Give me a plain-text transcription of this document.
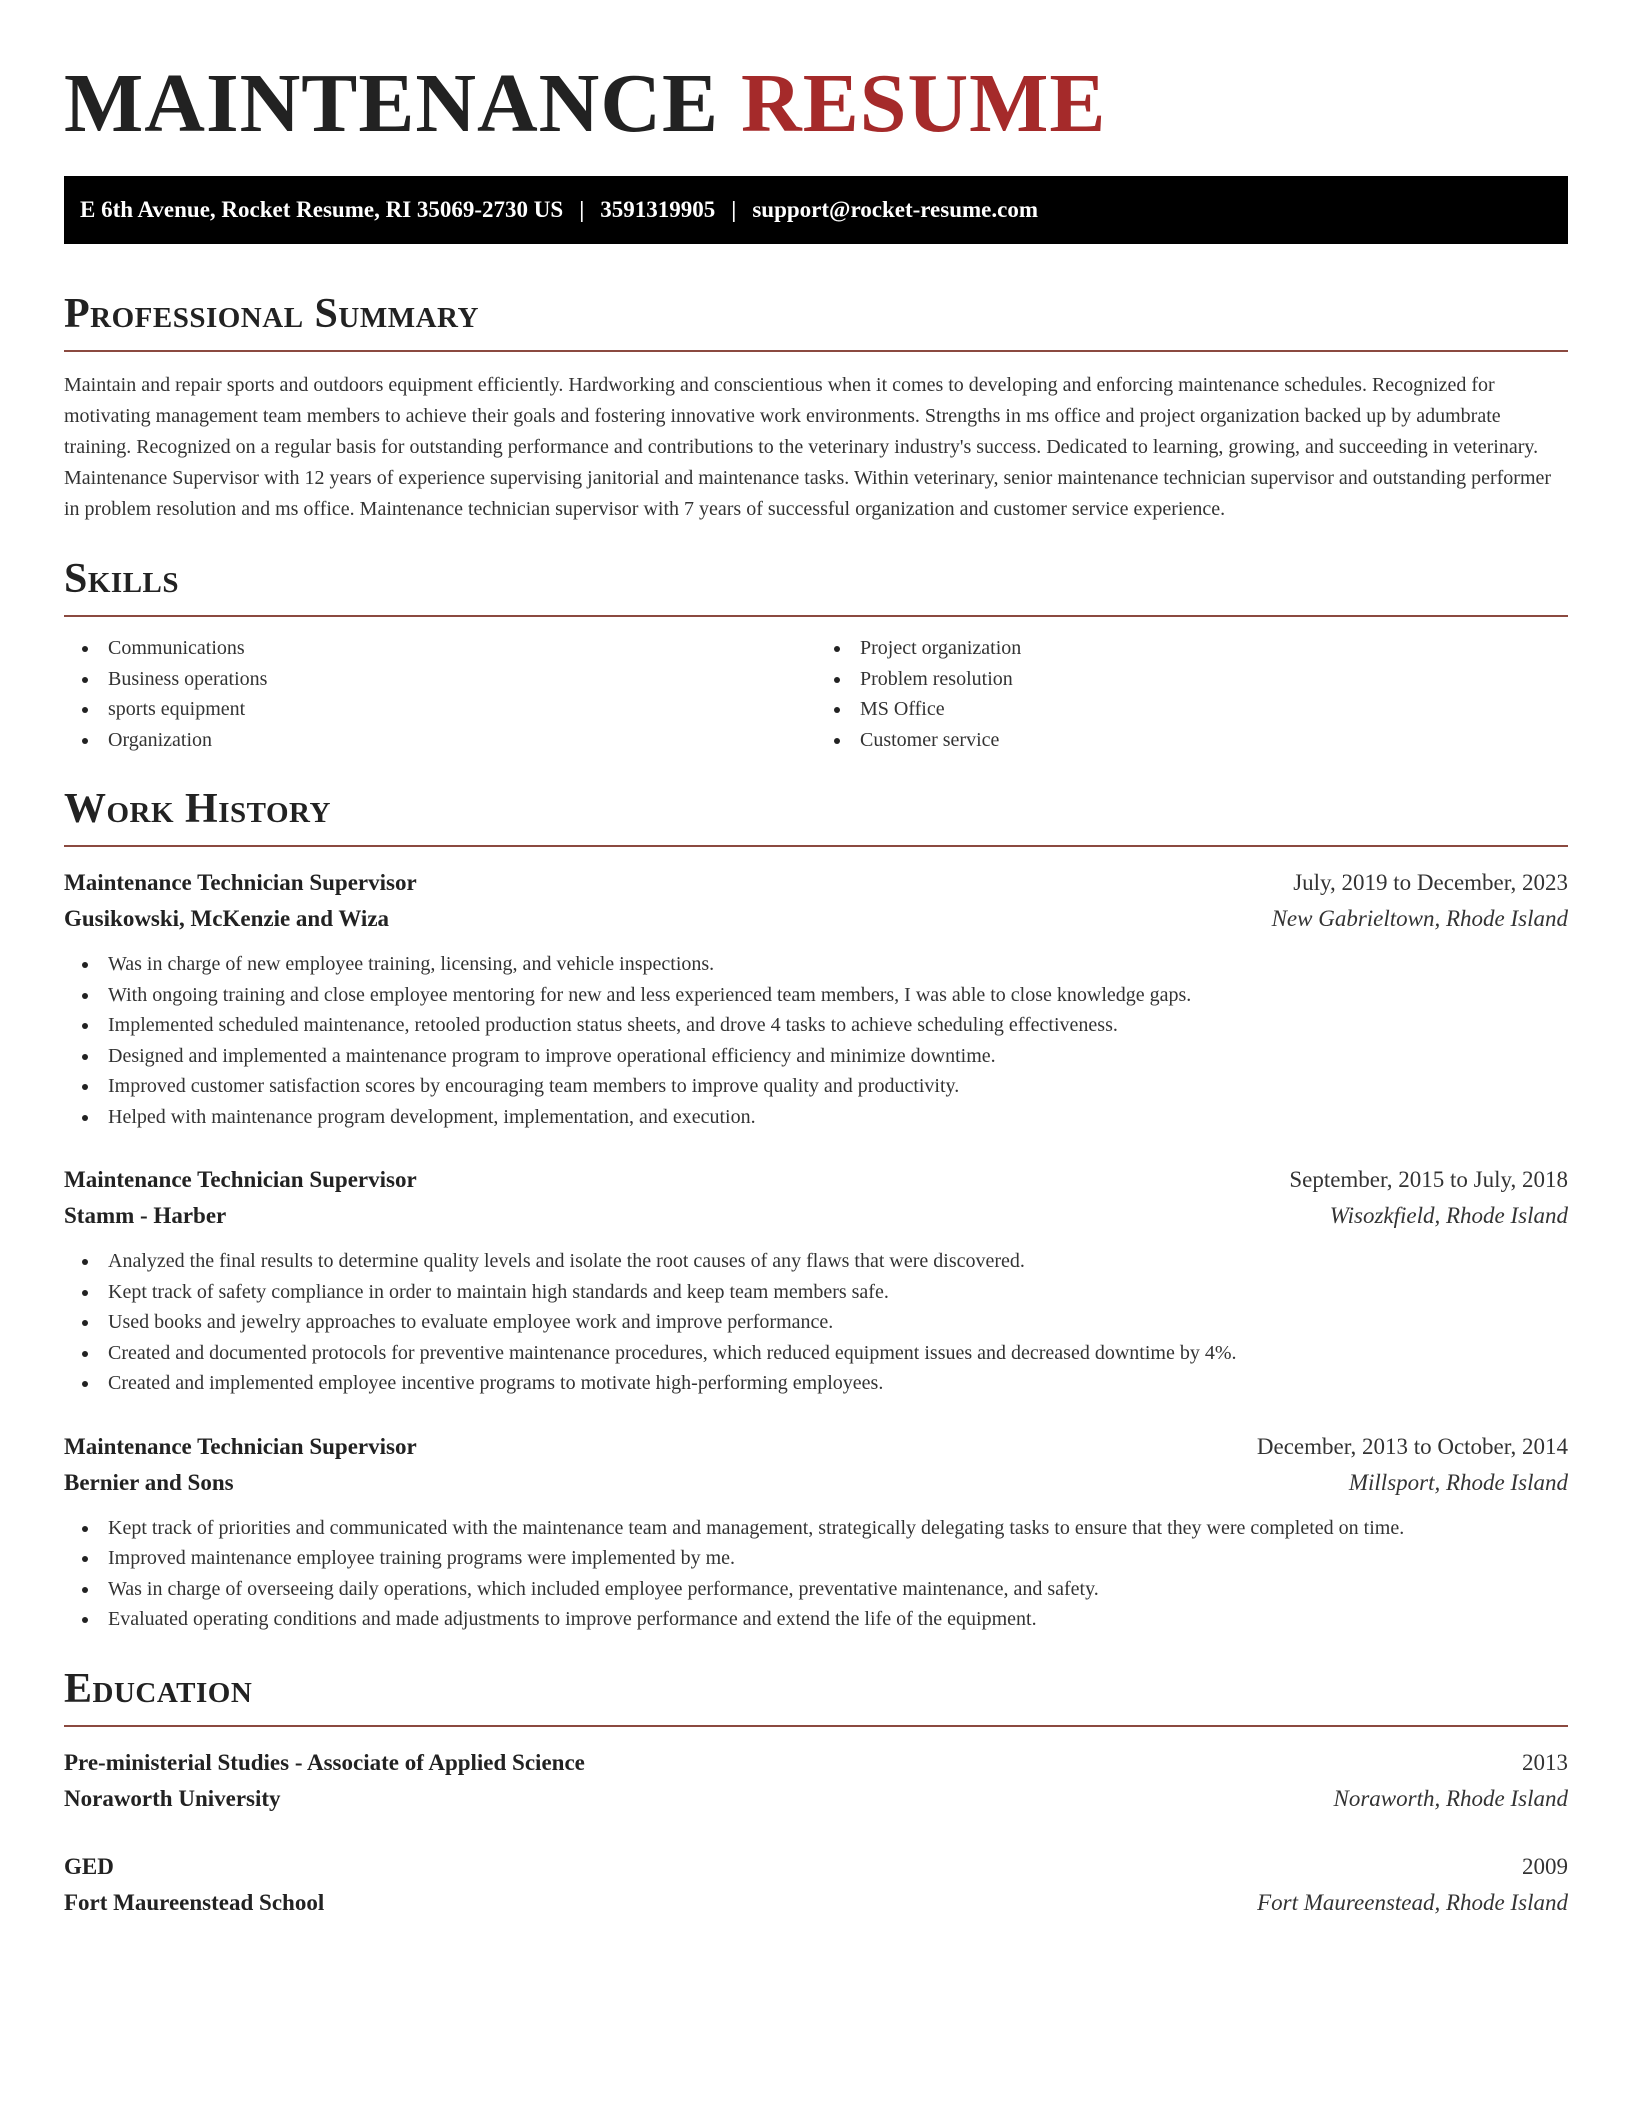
MAINTENANCE RESUME
E 6th Avenue, Rocket Resume, RI 35069-2730 US | 3591319905 | support@rocket-resume.com
Professional Summary

Maintain and repair sports and outdoors equipment efficiently. Hardworking and conscientious when it comes to developing and enforcing maintenance schedules. Recognized for motivating management team members to achieve their goals and fostering innovative work environments. Strengths in ms office and project organization backed up by adumbrate training. Recognized on a regular basis for outstanding performance and contributions to the veterinary industry's success. Dedicated to learning, growing, and succeeding in veterinary. Maintenance Supervisor with 12 years of experience supervising janitorial and maintenance tasks. Within veterinary, senior maintenance technician supervisor and outstanding performer in problem resolution and ms office. Maintenance technician supervisor with 7 years of successful organization and customer service experience.

Skills
Communications
Business operations
sports equipment
Organization
Project organization
Problem resolution
MS Office
Customer service
Work History
Maintenance Technician Supervisor	July, 2019 to December, 2023
Gusikowski, McKenzie and Wiza	New Gabrieltown, Rhode Island
Was in charge of new employee training, licensing, and vehicle inspections.
With ongoing training and close employee mentoring for new and less experienced team members, I was able to close knowledge gaps.
Implemented scheduled maintenance, retooled production status sheets, and drove 4 tasks to achieve scheduling effectiveness.
Designed and implemented a maintenance program to improve operational efficiency and minimize downtime.
Improved customer satisfaction scores by encouraging team members to improve quality and productivity.
Helped with maintenance program development, implementation, and execution.
Maintenance Technician Supervisor	September, 2015 to July, 2018
Stamm - Harber	Wisozkfield, Rhode Island
Analyzed the final results to determine quality levels and isolate the root causes of any flaws that were discovered.
Kept track of safety compliance in order to maintain high standards and keep team members safe.
Used books and jewelry approaches to evaluate employee work and improve performance.
Created and documented protocols for preventive maintenance procedures, which reduced equipment issues and decreased downtime by 4%.
Created and implemented employee incentive programs to motivate high-performing employees.
Maintenance Technician Supervisor	December, 2013 to October, 2014
Bernier and Sons	Millsport, Rhode Island
Kept track of priorities and communicated with the maintenance team and management, strategically delegating tasks to ensure that they were completed on time.
Improved maintenance employee training programs were implemented by me.
Was in charge of overseeing daily operations, which included employee performance, preventative maintenance, and safety.
Evaluated operating conditions and made adjustments to improve performance and extend the life of the equipment.
Education
Pre-ministerial Studies - Associate of Applied Science	2013
Noraworth University	Noraworth, Rhode Island
GED	2009
Fort Maureenstead School	Fort Maureenstead, Rhode Island
